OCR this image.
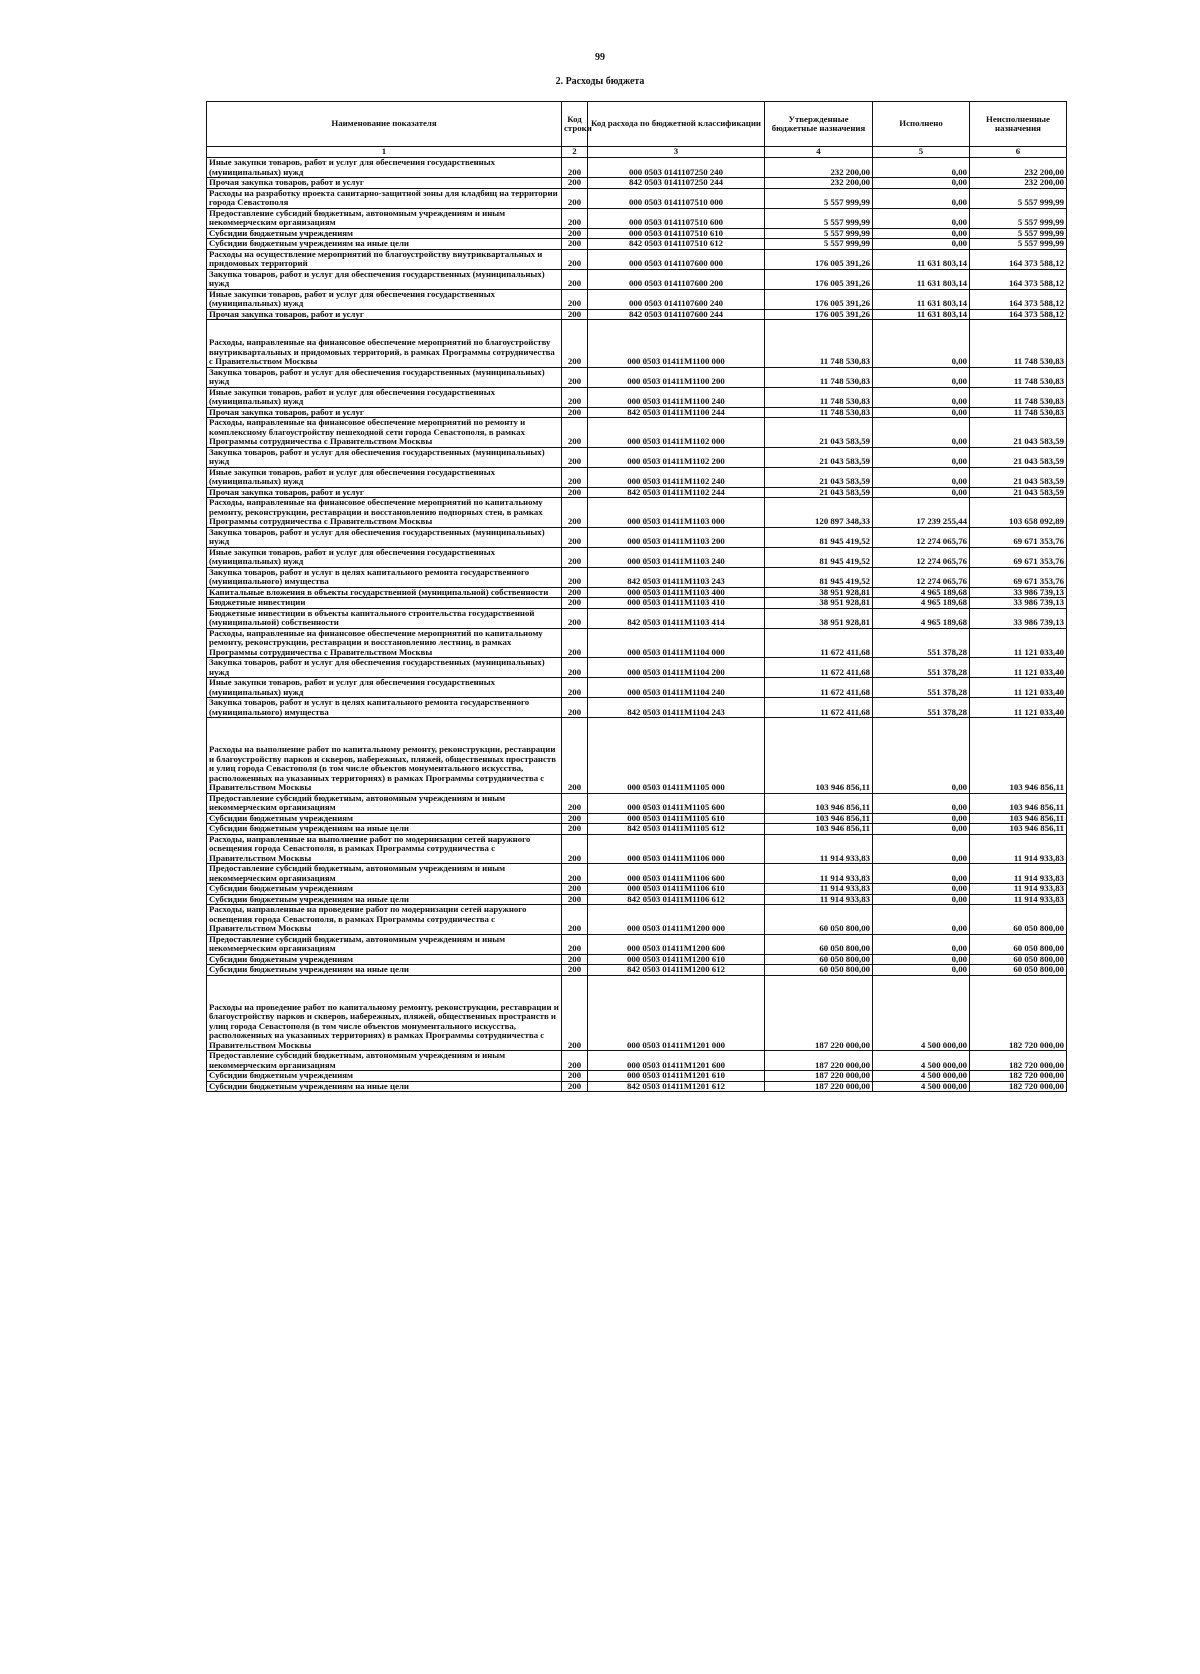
99
2. Расходы бюджета
Наименование показателя	Код строки	Код расхода по бюджетной классификации	Утвержденные бюджетные назначения	Исполнено	Неисполненные назначения
1	2	3	4	5	6
Иные закупки товаров, работ и услуг для обеспечения государственных (муниципальных) нужд	200	000 0503 0141107250 240	232 200,00	0,00	232 200,00
Прочая закупка товаров, работ и услуг	200	842 0503 0141107250 244	232 200,00	0,00	232 200,00
Расходы на разработку проекта санитарно-защитной зоны для кладбищ на территории города Севастополя	200	000 0503 0141107510 000	5 557 999,99	0,00	5 557 999,99
Предоставление субсидий бюджетным, автономным учреждениям и иным некоммерческим организациям	200	000 0503 0141107510 600	5 557 999,99	0,00	5 557 999,99
Субсидии бюджетным учреждениям	200	000 0503 0141107510 610	5 557 999,99	0,00	5 557 999,99
Субсидии бюджетным учреждениям на иные цели	200	842 0503 0141107510 612	5 557 999,99	0,00	5 557 999,99
Расходы на осуществление мероприятий по благоустройству внутриквартальных и придомовых территорий	200	000 0503 0141107600 000	176 005 391,26	11 631 803,14	164 373 588,12
Закупка товаров, работ и услуг для обеспечения государственных (муниципальных) нужд	200	000 0503 0141107600 200	176 005 391,26	11 631 803,14	164 373 588,12
Иные закупки товаров, работ и услуг для обеспечения государственных (муниципальных) нужд	200	000 0503 0141107600 240	176 005 391,26	11 631 803,14	164 373 588,12
Прочая закупка товаров, работ и услуг	200	842 0503 0141107600 244	176 005 391,26	11 631 803,14	164 373 588,12
Расходы, направленные на финансовое обеспечение мероприятий по благоустройству внутриквартальных и придомовых территорий, в рамках Программы сотрудничества с Правительством Москвы	200	000 0503 01411М1100 000	11 748 530,83	0,00	11 748 530,83
Закупка товаров, работ и услуг для обеспечения государственных (муниципальных) нужд	200	000 0503 01411М1100 200	11 748 530,83	0,00	11 748 530,83
Иные закупки товаров, работ и услуг для обеспечения государственных (муниципальных) нужд	200	000 0503 01411М1100 240	11 748 530,83	0,00	11 748 530,83
Прочая закупка товаров, работ и услуг	200	842 0503 01411М1100 244	11 748 530,83	0,00	11 748 530,83
Расходы, направленные на финансовое обеспечение мероприятий по ремонту и комплексному благоустройству пешеходной сети города Севастополя, в рамках Программы сотрудничества с Правительством Москвы	200	000 0503 01411М1102 000	21 043 583,59	0,00	21 043 583,59
Закупка товаров, работ и услуг для обеспечения государственных (муниципальных) нужд	200	000 0503 01411М1102 200	21 043 583,59	0,00	21 043 583,59
Иные закупки товаров, работ и услуг для обеспечения государственных (муниципальных) нужд	200	000 0503 01411М1102 240	21 043 583,59	0,00	21 043 583,59
Прочая закупка товаров, работ и услуг	200	842 0503 01411М1102 244	21 043 583,59	0,00	21 043 583,59
Расходы, направленные на финансовое обеспечение мероприятий по капитальному ремонту, реконструкции, реставрации и восстановлению подпорных стен, в рамках Программы сотрудничества с Правительством Москвы	200	000 0503 01411М1103 000	120 897 348,33	17 239 255,44	103 658 092,89
Закупка товаров, работ и услуг для обеспечения государственных (муниципальных) нужд	200	000 0503 01411М1103 200	81 945 419,52	12 274 065,76	69 671 353,76
Иные закупки товаров, работ и услуг для обеспечения государственных (муниципальных) нужд	200	000 0503 01411М1103 240	81 945 419,52	12 274 065,76	69 671 353,76
Закупка товаров, работ и услуг в целях капитального ремонта государственного (муниципального) имущества	200	842 0503 01411М1103 243	81 945 419,52	12 274 065,76	69 671 353,76
Капитальные вложения в объекты государственной (муниципальной) собственности	200	000 0503 01411М1103 400	38 951 928,81	4 965 189,68	33 986 739,13
Бюджетные инвестиции	200	000 0503 01411М1103 410	38 951 928,81	4 965 189,68	33 986 739,13
Бюджетные инвестиции в объекты капитального строительства государственной (муниципальной) собственности	200	842 0503 01411М1103 414	38 951 928,81	4 965 189,68	33 986 739,13
Расходы, направленные на финансовое обеспечение мероприятий по капитальному ремонту, реконструкции, реставрации и восстановлению лестниц, в рамках Программы сотрудничества с Правительством Москвы	200	000 0503 01411М1104 000	11 672 411,68	551 378,28	11 121 033,40
Закупка товаров, работ и услуг для обеспечения государственных (муниципальных) нужд	200	000 0503 01411М1104 200	11 672 411,68	551 378,28	11 121 033,40
Иные закупки товаров, работ и услуг для обеспечения государственных (муниципальных) нужд	200	000 0503 01411М1104 240	11 672 411,68	551 378,28	11 121 033,40
Закупка товаров, работ и услуг в целях капитального ремонта государственного (муниципального) имущества	200	842 0503 01411М1104 243	11 672 411,68	551 378,28	11 121 033,40
Расходы на выполнение работ по капитальному ремонту, реконструкции, реставрации и благоустройству парков и скверов, набережных, пляжей, общественных пространств и улиц города Севастополя (в том числе объектов монументального искусства, расположенных на указанных территориях) в рамках Программы сотрудничества с Правительством Москвы	200	000 0503 01411М1105 000	103 946 856,11	0,00	103 946 856,11
Предоставление субсидий бюджетным, автономным учреждениям и иным некоммерческим организациям	200	000 0503 01411М1105 600	103 946 856,11	0,00	103 946 856,11
Субсидии бюджетным учреждениям	200	000 0503 01411М1105 610	103 946 856,11	0,00	103 946 856,11
Субсидии бюджетным учреждениям на иные цели	200	842 0503 01411М1105 612	103 946 856,11	0,00	103 946 856,11
Расходы, направленные на выполнение работ по модернизации сетей наружного освещения города Севастополя, в рамках Программы сотрудничества с Правительством Москвы	200	000 0503 01411М1106 000	11 914 933,83	0,00	11 914 933,83
Предоставление субсидий бюджетным, автономным учреждениям и иным некоммерческим организациям	200	000 0503 01411М1106 600	11 914 933,83	0,00	11 914 933,83
Субсидии бюджетным учреждениям	200	000 0503 01411М1106 610	11 914 933,83	0,00	11 914 933,83
Субсидии бюджетным учреждениям на иные цели	200	842 0503 01411М1106 612	11 914 933,83	0,00	11 914 933,83
Расходы, направленные на проведение работ по модернизации сетей наружного освещения города Севастополя, в рамках Программы сотрудничества с Правительством Москвы	200	000 0503 01411М1200 000	60 050 800,00	0,00	60 050 800,00
Предоставление субсидий бюджетным, автономным учреждениям и иным некоммерческим организациям	200	000 0503 01411М1200 600	60 050 800,00	0,00	60 050 800,00
Субсидии бюджетным учреждениям	200	000 0503 01411М1200 610	60 050 800,00	0,00	60 050 800,00
Субсидии бюджетным учреждениям на иные цели	200	842 0503 01411М1200 612	60 050 800,00	0,00	60 050 800,00
Расходы на проведение работ по капитальному ремонту, реконструкции, реставрации и благоустройству парков и скверов, набережных, пляжей, общественных пространств и улиц города Севастополя (в том числе объектов монументального искусства, расположенных на указанных территориях) в рамках Программы сотрудничества с Правительством Москвы	200	000 0503 01411М1201 000	187 220 000,00	4 500 000,00	182 720 000,00
Предоставление субсидий бюджетным, автономным учреждениям и иным некоммерческим организациям	200	000 0503 01411М1201 600	187 220 000,00	4 500 000,00	182 720 000,00
Субсидии бюджетным учреждениям	200	000 0503 01411М1201 610	187 220 000,00	4 500 000,00	182 720 000,00
Субсидии бюджетным учреждениям на иные цели	200	842 0503 01411М1201 612	187 220 000,00	4 500 000,00	182 720 000,00
